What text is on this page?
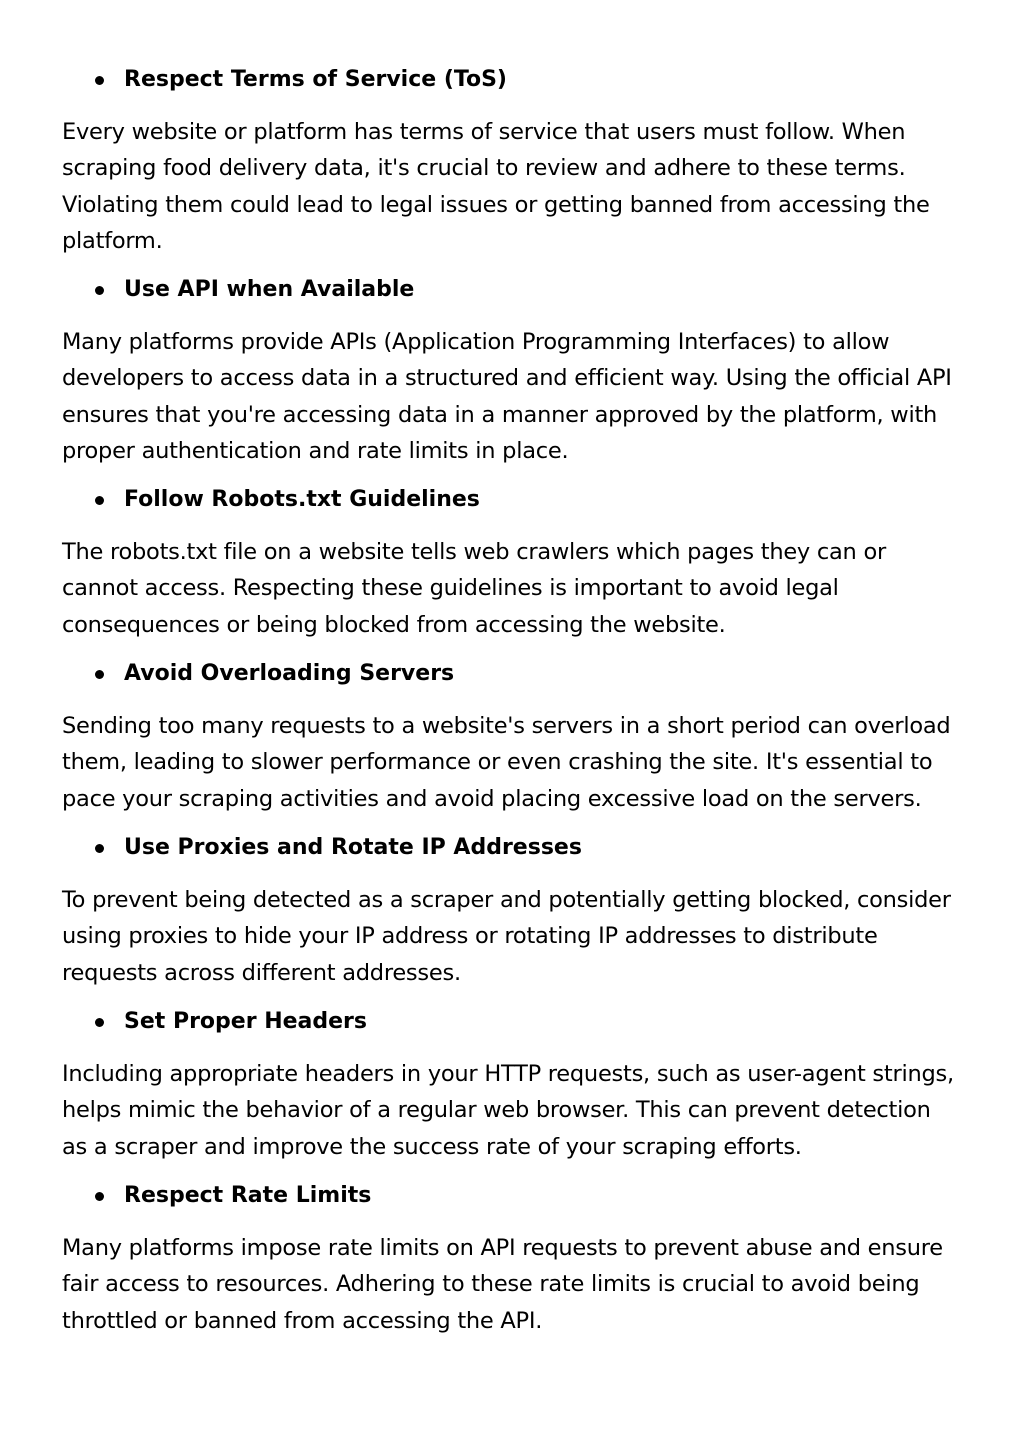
Respect Terms of Service (ToS)

Every website or platform has terms of service that users must follow. When
scraping food delivery data, it's crucial to review and adhere to these terms.
Violating them could lead to legal issues or getting banned from accessing the
platform.

Use API when Available

Many platforms provide APIs (Application Programming Interfaces) to allow
developers to access data in a structured and efficient way. Using the official API
ensures that you're accessing data in a manner approved by the platform, with
proper authentication and rate limits in place.

Follow Robots.txt Guidelines

The robots.txt file on a website tells web crawlers which pages they can or
cannot access. Respecting these guidelines is important to avoid legal
consequences or being blocked from accessing the website.

Avoid Overloading Servers

Sending too many requests to a website's servers in a short period can overload
them, leading to slower performance or even crashing the site. It's essential to
pace your scraping activities and avoid placing excessive load on the servers.

Use Proxies and Rotate IP Addresses

To prevent being detected as a scraper and potentially getting blocked, consider
using proxies to hide your IP address or rotating IP addresses to distribute
requests across different addresses.

Set Proper Headers

Including appropriate headers in your HTTP requests, such as user-agent strings,
helps mimic the behavior of a regular web browser. This can prevent detection
as a scraper and improve the success rate of your scraping efforts.

Respect Rate Limits

Many platforms impose rate limits on API requests to prevent abuse and ensure
fair access to resources. Adhering to these rate limits is crucial to avoid being
throttled or banned from accessing the API.
